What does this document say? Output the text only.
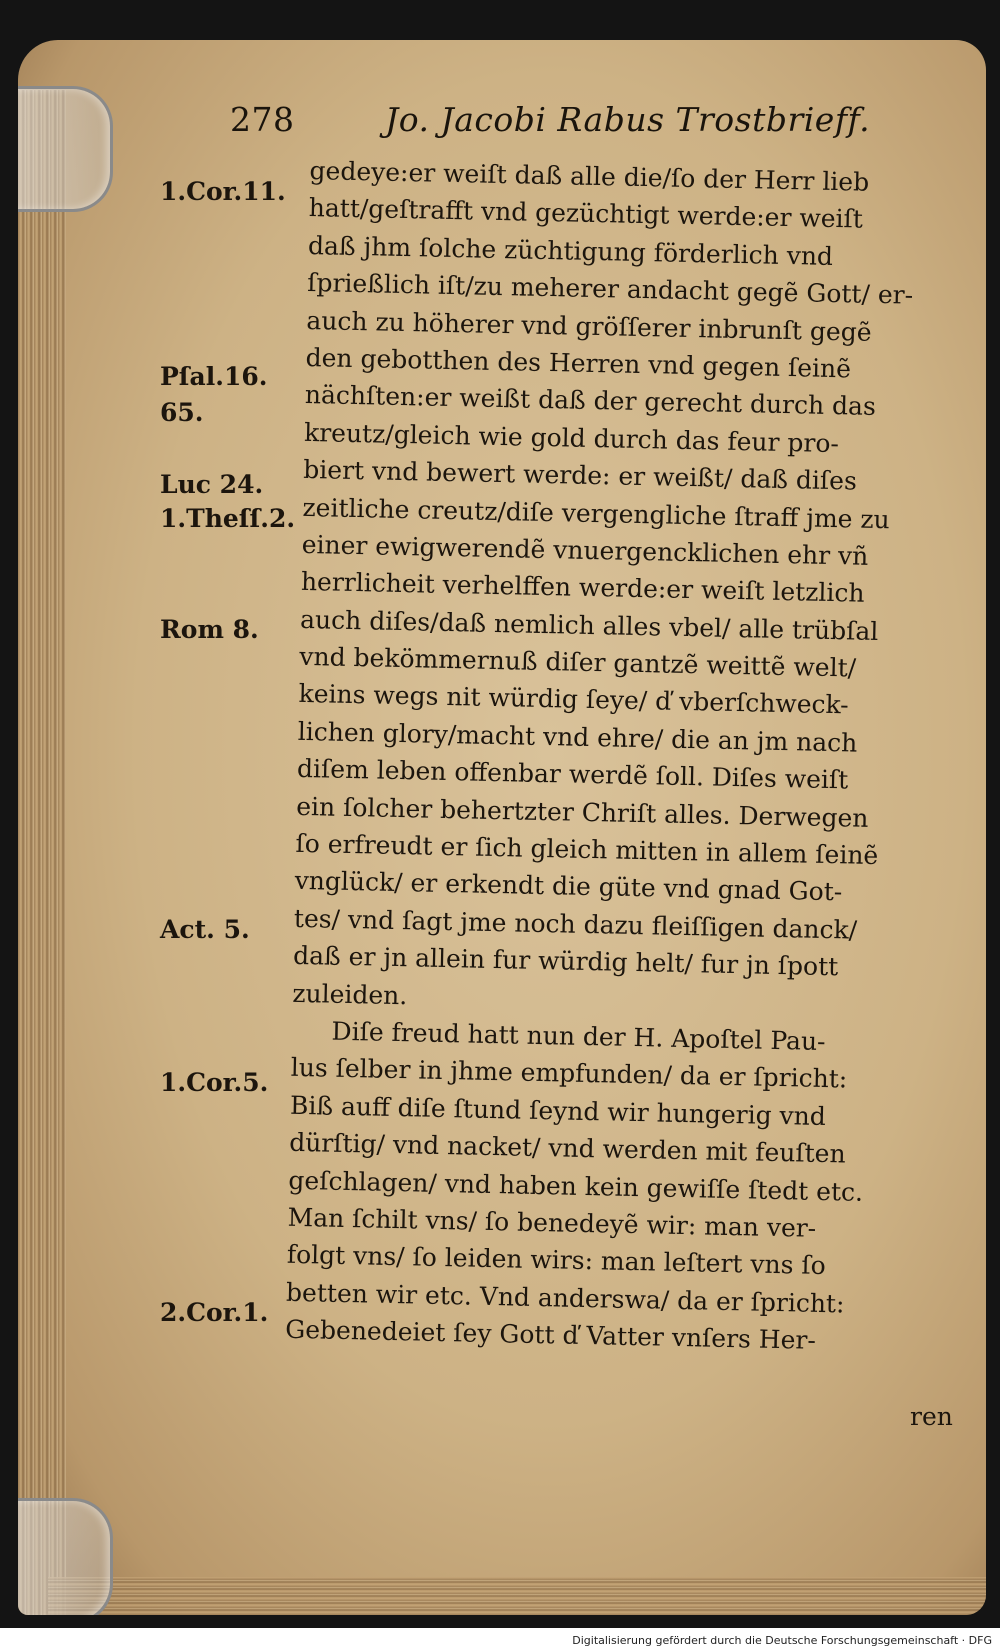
278	Jo. Jacobi Rabus Trostbrieff.
gedeye:er weiſt daß alle die/ſo der Herr lieb
hatt/geſtrafft vnd gezüchtigt werde:er weiſt
daß jhm ſolche züchtigung förderlich vnd
ſprießlich iſt/zu meherer andacht gegẽ Gott/ er-
auch zu höherer vnd gröſſerer inbrunſt gegẽ
den gebotthen des Herren vnd gegen ſeinẽ
nächſten:er weißt daß der gerecht durch das
kreutz/gleich wie gold durch das feur pro-
biert vnd bewert werde: er weißt/ daß diſes
zeitliche creutz/diſe vergengliche ſtraff jme zu
einer ewigwerendẽ vnuergencklichen ehr vñ
herrlicheit verhelffen werde:er weiſt letzlich
auch diſes/daß nemlich alles vbel/ alle trübſal
vnd bekömmernuß diſer gantzẽ weittẽ welt/
keins wegs nit würdig ſeye/ ď vberſchweck-
lichen glory/macht vnd ehre/ die an jm nach
diſem leben offenbar werdẽ ſoll. Diſes weiſt
ein ſolcher behertzter Chriſt alles. Derwegen
ſo erfreudt er ſich gleich mitten in allem ſeinẽ
vnglück/ er erkendt die güte vnd gnad Got-
tes/ vnd ſagt jme noch dazu fleiſſigen danck/
daß er jn allein fur würdig helt/ fur jn ſpott
zuleiden.
Diſe freud hatt nun der H. Apoſtel Pau-
lus ſelber in jhme empfunden/ da er ſpricht:
Biß auff diſe ſtund ſeynd wir hungerig vnd
dürſtig/ vnd nacket/ vnd werden mit feuſten
geſchlagen/ vnd haben kein gewiſſe ſtedt etc.
Man ſchilt vns/ ſo benedeyẽ wir: man ver-
folgt vns/ ſo leiden wirs: man leſtert vns ſo
betten wir etc. Vnd anderswa/ da er ſpricht:
Gebenedeiet ſey Gott ď Vatter vnſers Her-
ren
1.Cor.11.
Pſal.16.
65.
Luc 24.
1.Theſſ.2.
Rom 8.
Act. 5.
1.Cor.5.
2.Cor.1.
Digitalisierung gefördert durch die Deutsche Forschungsgemeinschaft · DFG
